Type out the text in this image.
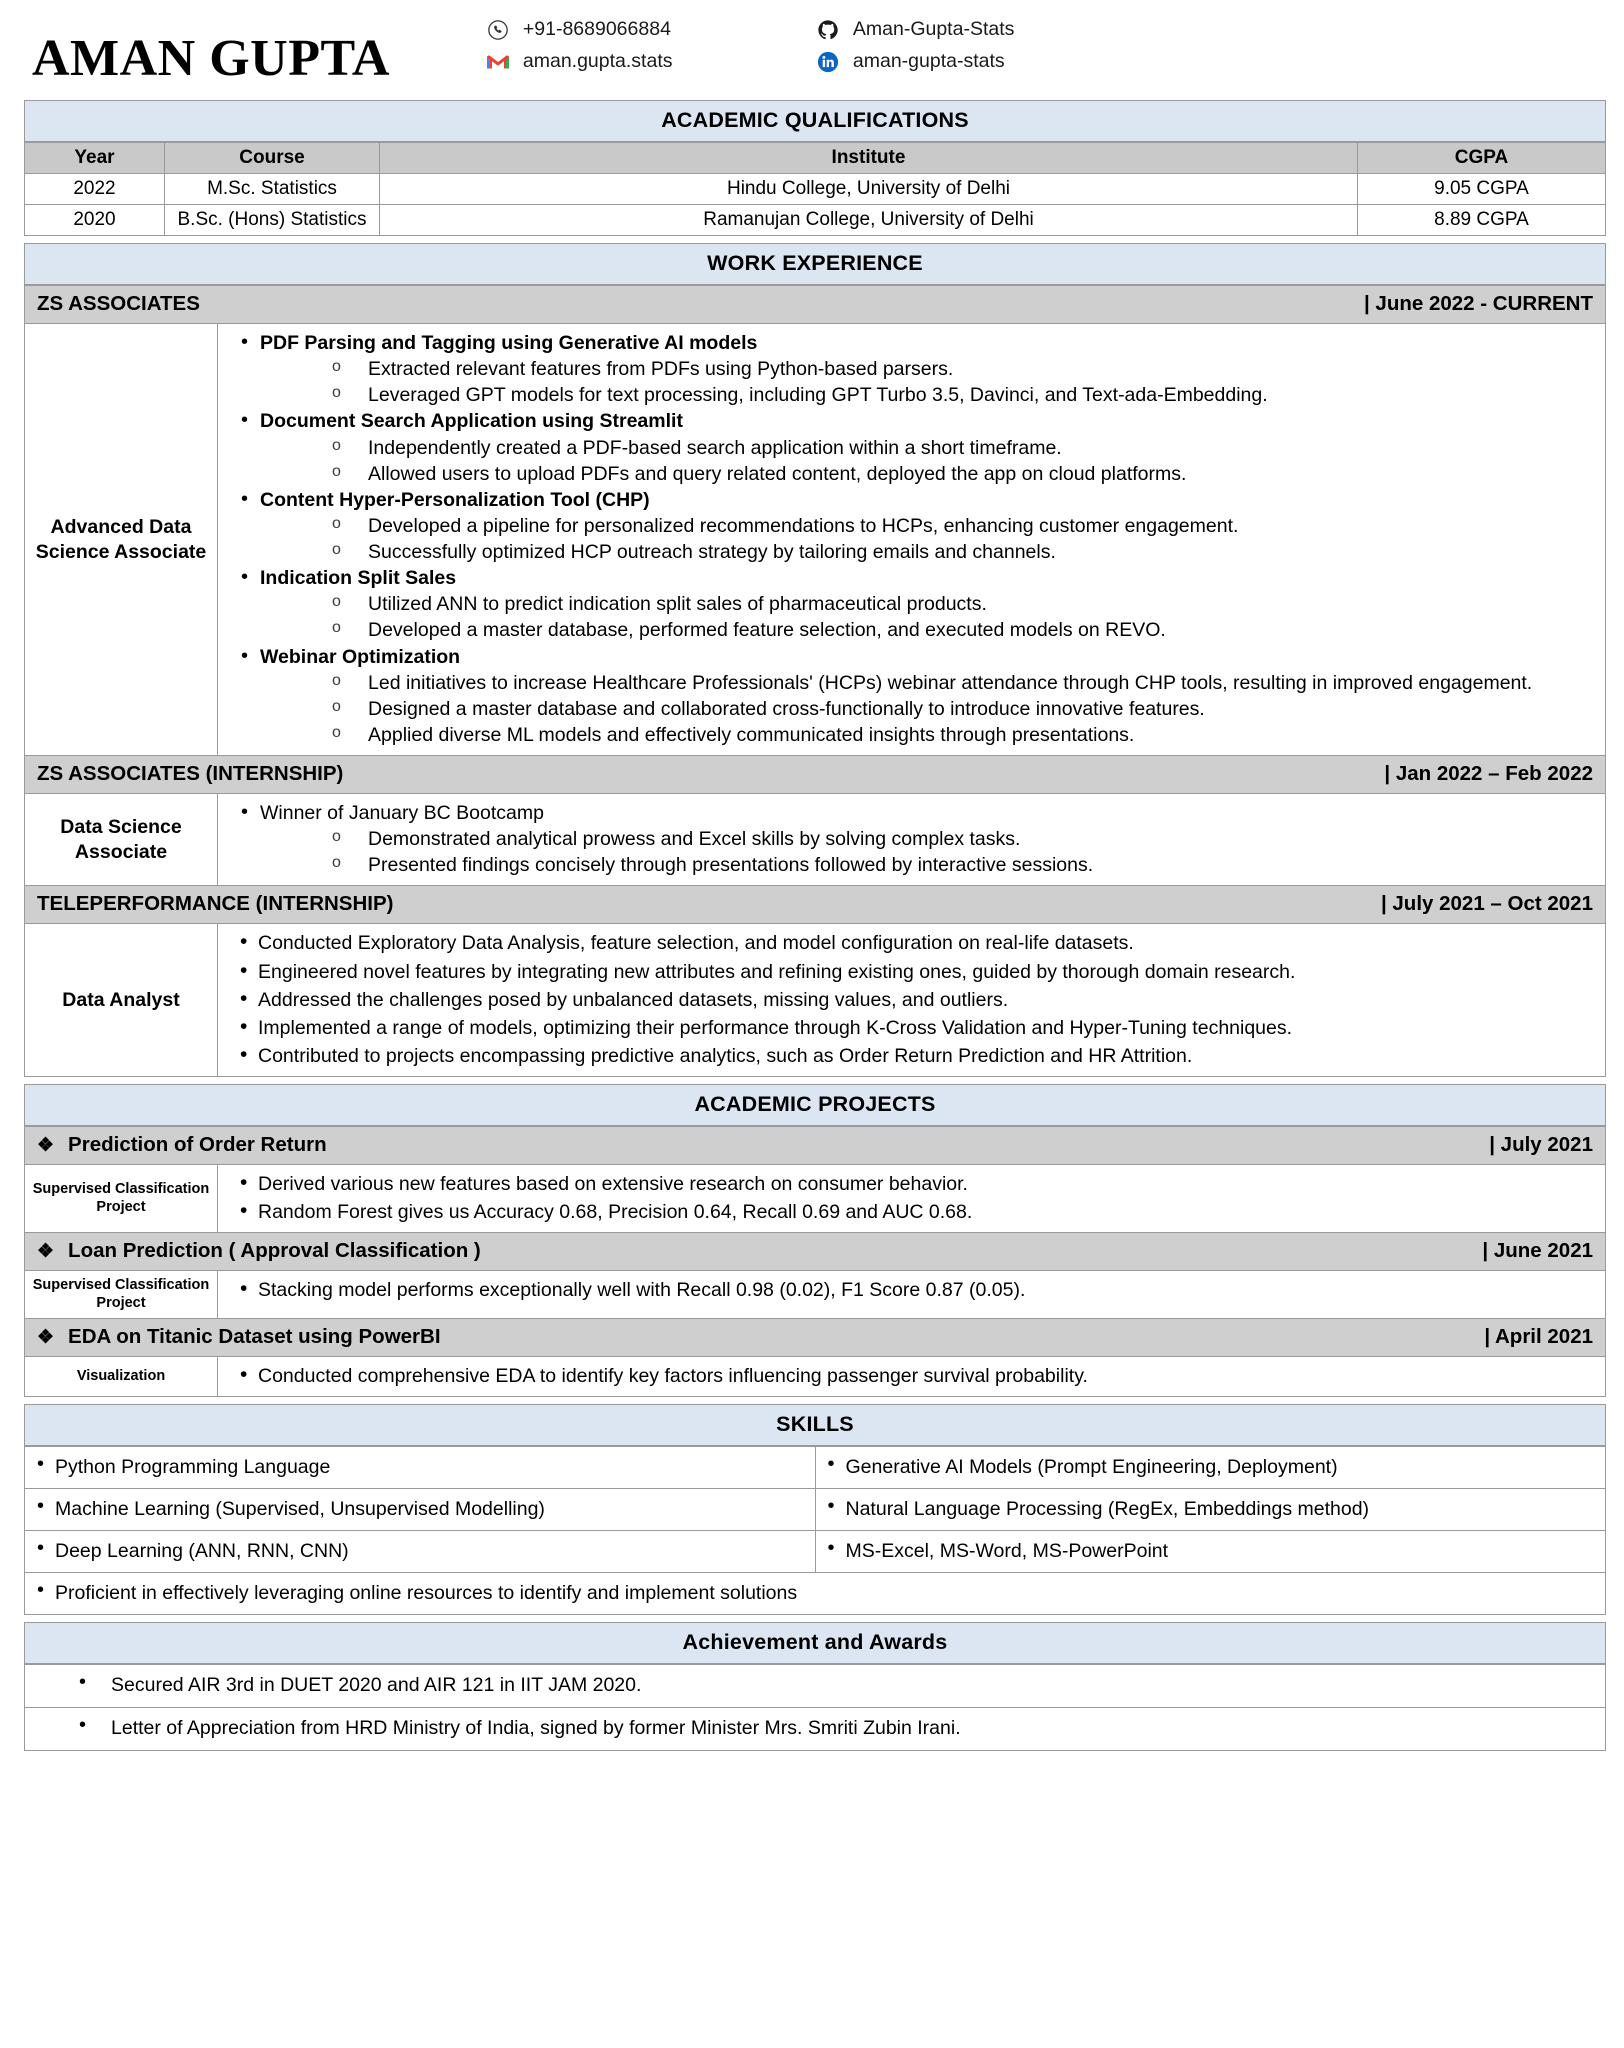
AMAN GUPTA
+91-8689066884
aman.gupta.stats
Aman-Gupta-Stats
aman-gupta-stats
ACADEMIC QUALIFICATIONS
Year	Course	Institute	CGPA
2022	M.Sc. Statistics	Hindu College, University of Delhi	9.05 CGPA
2020	B.Sc. (Hons) Statistics	Ramanujan College, University of Delhi	8.89 CGPA
WORK EXPERIENCE
ZS ASSOCIATES	| June 2022 - CURRENT
Advanced Data Science Associate
• PDF Parsing and Tagging using Generative AI models
o Extracted relevant features from PDFs using Python-based parsers.
o Leveraged GPT models for text processing, including GPT Turbo 3.5, Davinci, and Text-ada-Embedding.
• Document Search Application using Streamlit
o Independently created a PDF-based search application within a short timeframe.
o Allowed users to upload PDFs and query related content, deployed the app on cloud platforms.
• Content Hyper-Personalization Tool (CHP)
o Developed a pipeline for personalized recommendations to HCPs, enhancing customer engagement.
o Successfully optimized HCP outreach strategy by tailoring emails and channels.
• Indication Split Sales
o Utilized ANN to predict indication split sales of pharmaceutical products.
o Developed a master database, performed feature selection, and executed models on REVO.
• Webinar Optimization
o Led initiatives to increase Healthcare Professionals' (HCPs) webinar attendance through CHP tools, resulting in improved engagement.
o Designed a master database and collaborated cross-functionally to introduce innovative features.
o Applied diverse ML models and effectively communicated insights through presentations.
ZS ASSOCIATES (INTERNSHIP)	| Jan 2022 – Feb 2022
Data Science Associate
• Winner of January BC Bootcamp
o Demonstrated analytical prowess and Excel skills by solving complex tasks.
o Presented findings concisely through presentations followed by interactive sessions.
TELEPERFORMANCE (INTERNSHIP)	| July 2021 – Oct 2021
Data Analyst
• Conducted Exploratory Data Analysis, feature selection, and model configuration on real-life datasets.
• Engineered novel features by integrating new attributes and refining existing ones, guided by thorough domain research.
• Addressed the challenges posed by unbalanced datasets, missing values, and outliers.
• Implemented a range of models, optimizing their performance through K-Cross Validation and Hyper-Tuning techniques.
• Contributed to projects encompassing predictive analytics, such as Order Return Prediction and HR Attrition.
ACADEMIC PROJECTS
❖ Prediction of Order Return	| July 2021
Supervised Classification Project
• Derived various new features based on extensive research on consumer behavior.
• Random Forest gives us Accuracy 0.68, Precision 0.64, Recall 0.69 and AUC 0.68.
❖ Loan Prediction ( Approval Classification )	| June 2021
Supervised Classification Project
• Stacking model performs exceptionally well with Recall 0.98 (0.02), F1 Score 0.87 (0.05).
❖ EDA on Titanic Dataset using PowerBI	| April 2021
Visualization	• Conducted comprehensive EDA to identify key factors influencing passenger survival probability.
SKILLS
• Python Programming Language	• Generative AI Models (Prompt Engineering, Deployment)

• Machine Learning (Supervised, Unsupervised Modelling)	• Natural Language Processing (RegEx, Embeddings method)

• Deep Learning (ANN, RNN, CNN)	• MS-Excel, MS-Word, MS-PowerPoint

• Proficient in effectively leveraging online resources to identify and implement solutions
Achievement and Awards
• Secured AIR 3rd in DUET 2020 and AIR 121 in IIT JAM 2020.
• Letter of Appreciation from HRD Ministry of India, signed by former Minister Mrs. Smriti Zubin Irani.
